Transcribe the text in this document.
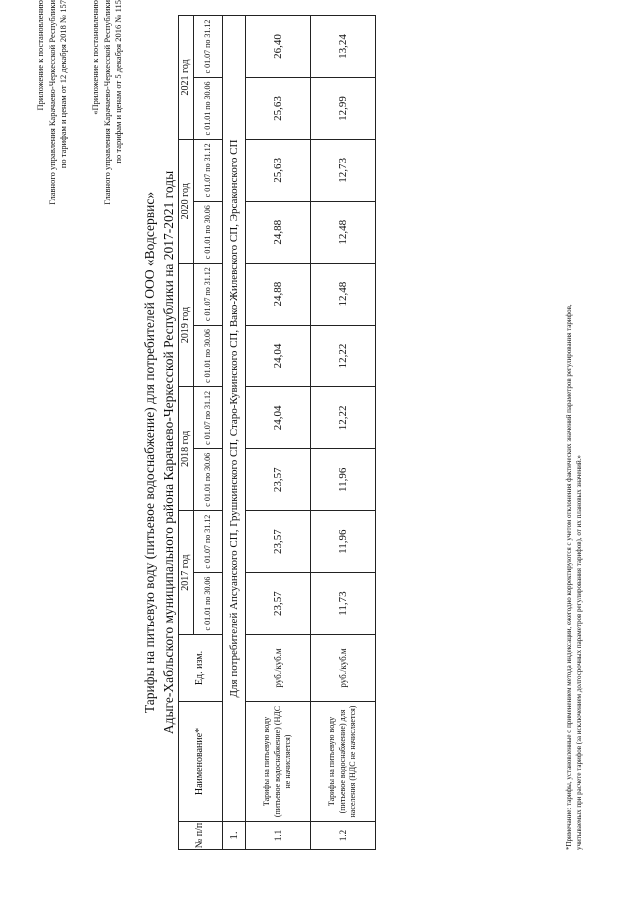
Приложение к постановлению Главного управления Карачаево-Черкесской Республики по тарифам и ценам от 12 декабря 2018 № 157	«Приложение к постановлению Главного управления Карачаево-Черкесской Республики по тарифам и ценам от 5 декабря 2016 № 115
Тарифы на питьевую воду (питьевое водоснабжение) для потребителей ООО «Водсервис» Адыге-Хабльского муниципального района Карачаево-Черкесской Республики на 2017-2021 годы
№ п/п	Наименование*	Ед. изм.	2017 год		2018 год		2019 год		2020 год		2021 год	
			с 01.01 по 30.06	с 01.07 по 31.12	с 01.01 по 30.06	с 01.07 по 31.12	с 01.01 по 30.06	с 01.07 по 31.12	с 01.01 по 30.06	с 01.07 по 31.12	с 01.01 по 30.06	с 01.07 по 31.12
1.	Для потребителей Апсуанского СП, Грушкинского СП, Старо-Кувинского СП, Вако-Жилевского СП, Эрсаконского СП											
1.1	Тарифы на питьевую воду (питьевое водоснабжение) (НДС не начисляется)	руб./куб.м	23,57	23,57	23,57	24,04	24,04	24,88	24,88	25,63	25,63	26,40
1.2	Тарифы на питьевую воду (питьевое водоснабжение) для населения (НДС не начисляется)	руб./куб.м	11,73	11,96	11,96	12,22	12,22	12,48	12,48	12,73	12,99	13,24
*Примечание: тарифы, установленные с применением метода индексации, ежегодно корректируются с учетом отклонения фактических значений параметров регулирования тарифов, учитываемых при расчете тарифов (за исключением долгосрочных параметров регулирования тарифов), от их плановых значений.»
